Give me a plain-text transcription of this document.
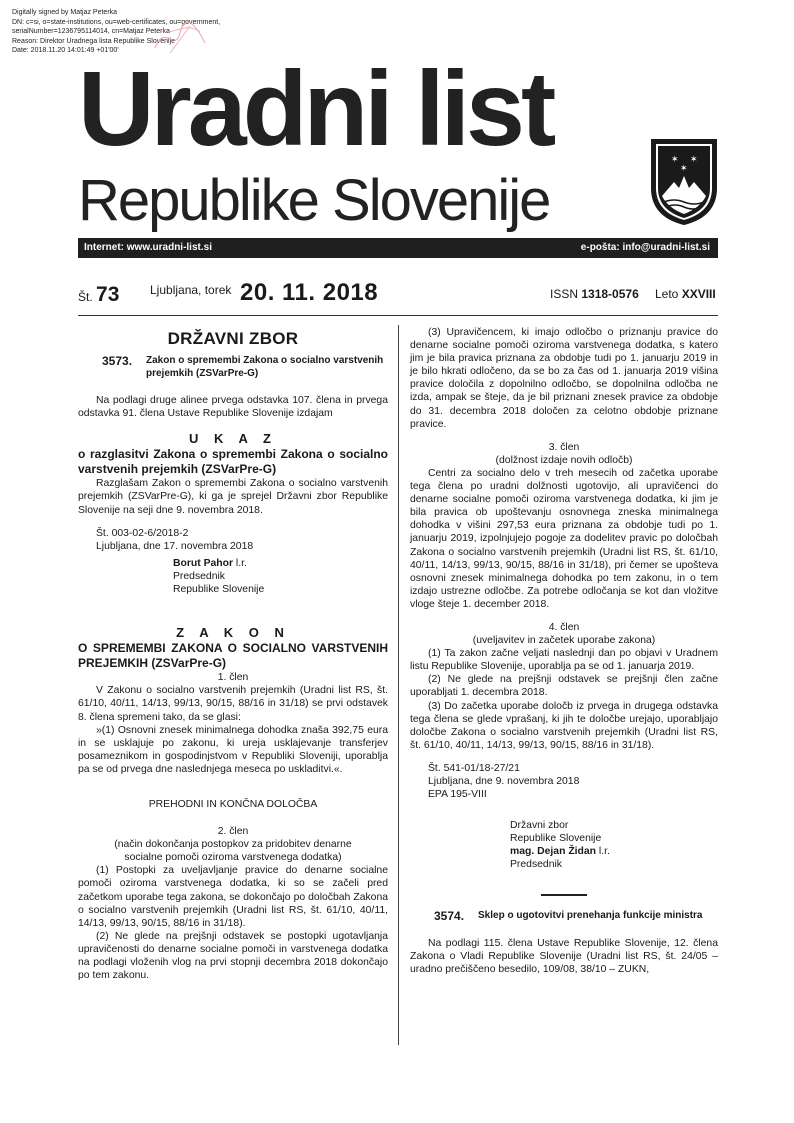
Digitally signed by Matjaz Peterka
DN: c=si, o=state-institutions, ou=web-certificates, ou=government,
serialNumber=1236795114014, cn=Matjaz Peterka
Reason: Direktor Uradnega lista Republike Slovenije
Date: 2018.11.20 14:01:49 +01'00'
Uradni list
Republike Slovenije
✶ ✶
✶
Internet: www.uradni-list.si	e-pošta: info@uradni-list.si
Št. 73	Ljubljana, torek 20. 11. 2018	ISSN 1318-0576 Leto XXVIII
DRŽAVNI ZBOR
3573.	Zakon o spremembi Zakona o socialno varstvenih prejemkih (ZSVarPre-G)

Na podlagi druge alinee prvega odstavka 107. člena in prvega odstavka 91. člena Ustave Republike Slovenije izdajam

U K A Z

o razglasitvi Zakona o spremembi Zakona o socialno varstvenih prejemkih (ZSVarPre-G)

Razglašam Zakon o spremembi Zakona o socialno varstvenih prejemkih (ZSVarPre-G), ki ga je sprejel Državni zbor Republike Slovenije na seji dne 9. novembra 2018.

Št. 003-02-6/2018-2

Ljubljana, dne 17. novembra 2018

Borut Pahor l.r.

Predsednik

Republike Slovenije

Z A K O N

O SPREMEMBI ZAKONA O SOCIALNO VARSTVENIH PREJEMKIH (ZSVarPre-G)

1. člen

V Zakonu o socialno varstvenih prejemkih (Uradni list RS, št. 61/10, 40/11, 14/13, 99/13, 90/15, 88/16 in 31/18) se prvi odstavek 8. člena spremeni tako, da se glasi:

»(1) Osnovni znesek minimalnega dohodka znaša 392,75 eura in se usklajuje po zakonu, ki ureja usklajevanje transferjev posameznikom in gospodinjstvom v Republiki Sloveniji, uporablja pa se od prvega dne naslednjega meseca po uskladitvi.«.

PREHODNI IN KONČNA DOLOČBA

2. člen

(način dokončanja postopkov za pridobitev denarne socialne pomoči oziroma varstvenega dodatka)

(1) Postopki za uveljavljanje pravice do denarne socialne pomoči oziroma varstvenega dodatka, ki so se začeli pred začetkom uporabe tega zakona, se dokončajo po določbah Zakona o socialno varstvenih prejemkih (Uradni list RS, št. 61/10, 40/11, 14/13, 99/13, 90/15, 88/16 in 31/18).

(2) Ne glede na prejšnji odstavek se postopki ugotavljanja upravičenosti do denarne socialne pomoči in varstvenega dodatka na podlagi vloženih vlog na prvi stopnji decembra 2018 dokončajo po tem zakonu.

(3) Upravičencem, ki imajo odločbo o priznanju pravice do denarne socialne pomoči oziroma varstvenega dodatka, s katero jim je bila pravica priznana za obdobje tudi po 1. januarju 2019 in je bilo hkrati odločeno, da se bo za čas od 1. januarja 2019 višina pravice določila z dopolnilno odločbo, se dopolnilna odločba ne izda, ampak se šteje, da je bil priznani znesek pravice za obdobje do 31. decembra 2018 določen za celotno obdobje priznane pravice.

3. člen

(dolžnost izdaje novih odločb)

Centri za socialno delo v treh mesecih od začetka uporabe tega člena po uradni dolžnosti ugotovijo, ali upravičenci do denarne socialne pomoči oziroma varstvenega dodatka, ki jim je bila pravica ob upoštevanju osnovnega zneska minimalnega dohodka v višini 297,53 eura priznana za obdobje tudi po 1. januarju 2019, izpolnjujejo pogoje za dodelitev pravic po določbah Zakona o socialno varstvenih prejemkih (Uradni list RS, št. 61/10, 40/11, 14/13, 99/13, 90/15, 88/16 in 31/18), pri čemer se upošteva osnovni znesek minimalnega dohodka po tem zakonu, in o tem izdajo ustrezne odločbe. Za potrebe odločanja se kot dan vložitve vloge šteje 1. december 2018.

4. člen

(uveljavitev in začetek uporabe zakona)

(1) Ta zakon začne veljati naslednji dan po objavi v Uradnem listu Republike Slovenije, uporablja pa se od 1. januarja 2019.

(2) Ne glede na prejšnji odstavek se prejšnji člen začne uporabljati 1. decembra 2018.

(3) Do začetka uporabe določb iz prvega in drugega odstavka tega člena se glede vprašanj, ki jih te določbe urejajo, uporabljajo določbe Zakona o socialno varstvenih prejemkih (Uradni list RS, št. 61/10, 40/11, 14/13, 99/13, 90/15, 88/16 in 31/18).

Št. 541-01/18-27/21

Ljubljana, dne 9. novembra 2018

EPA 195-VIII

Državni zbor

Republike Slovenije

mag. Dejan Židan l.r.

Predsednik

3574.	Sklep o ugotovitvi prenehanja funkcije ministra

Na podlagi 115. člena Ustave Republike Slovenije, 12. člena Zakona o Vladi Republike Slovenije (Uradni list RS, št. 24/05 – uradno prečiščeno besedilo, 109/08, 38/10 – ZUKN,
